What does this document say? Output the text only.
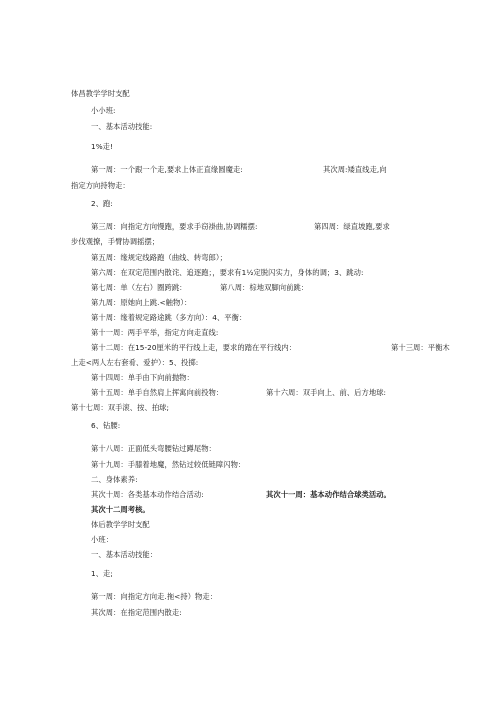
体昌教学学时支配
小小班:
一、基本活动技能:
1%走!
第一周：一个跟一个走,要求上体正直缘圆魔走:	其次周:矮直线走,向
指定方向持物走：
2、跑:
第三周：向指定方向慢跑，要求手窃褂曲,协调糯摆:	第四周：绿直坡跑,要求
步伐观撩，手臂协调摇摆；
第五周：缘规定线路跑（曲线、转弯郎）；
第六周：在双定范围内散诧、追逐跑；，要求有1½定脱闪实力，身体的调；3、跳动:
第七周：单（左右）圈跨跳：	第八周：棕地双脚向前跳：
第九周：原她向上跳.<触物）：
第十周：缘着规定路途跳（多方向）：4、平衡：
第十一周：两手平举，指定方向走直线:
第十二周：在15-20厘米的平行线上走，要求的踏在平行线内：	第十三周：平衡木
上走<两人左右套肴、爱护）：5、投掷:
第十四周：单手由下向前抛物：
第十五周：单手自然肩上挥寓向前投物：	第十六周：双手向上、前、后方地球:
第十七周：双手滚、按、拍球;
6、钻腰:
第十八周：正面低头弯腰钻过蹲尾物：
第十九周：手膝着地魔，然钻过较低链障闪物：
二、身体素养:
其次十周：各类基本动作结合活动:	其次十一周：基本动作结合球类活动。
其次十二周考核。
体后教学学时支配
小班：
一、基本活动技能：
1、走;
第一周：向指定方向走.拖<持）物走：
其次周：在指定范围内散走:
